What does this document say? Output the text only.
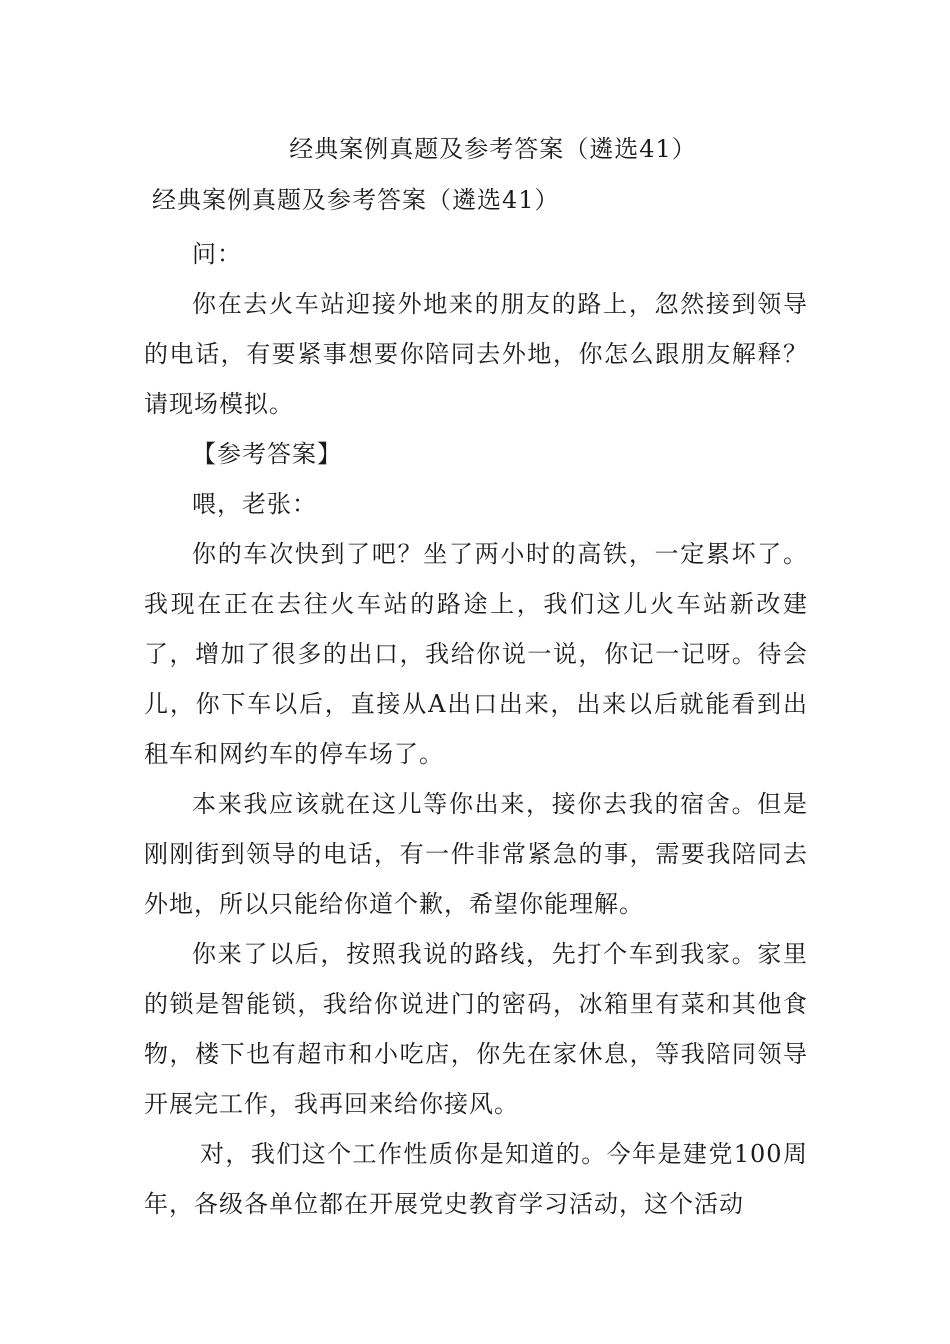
经典案例真题及参考答案（遴选41）
经典案例真题及参考答案（遴选41）

问：

你在去火车站迎接外地来的朋友的路上，忽然接到领导的电话，有要紧事想要你陪同去外地，你怎么跟朋友解释？请现场模拟。

【参考答案】

喂，老张：

你的车次快到了吧？坐了两小时的高铁，一定累坏了。我现在正在去往火车站的路途上，我们这儿火车站新改建了，增加了很多的出口，我给你说一说，你记一记呀。待会儿，你下车以后，直接从A出口出来，出来以后就能看到出租车和网约车的停车场了。

本来我应该就在这儿等你出来，接你去我的宿舍。但是刚刚街到领导的电话，有一件非常紧急的事，需要我陪同去外地，所以只能给你道个歉，希望你能理解。

你来了以后，按照我说的路线，先打个车到我家。家里的锁是智能锁，我给你说进门的密码，冰箱里有菜和其他食物，楼下也有超市和小吃店，你先在家休息，等我陪同领导开展完工作，我再回来给你接风。

对，我们这个工作性质你是知道的。今年是建党100周年，各级各单位都在开展党史教育学习活动，这个活动
